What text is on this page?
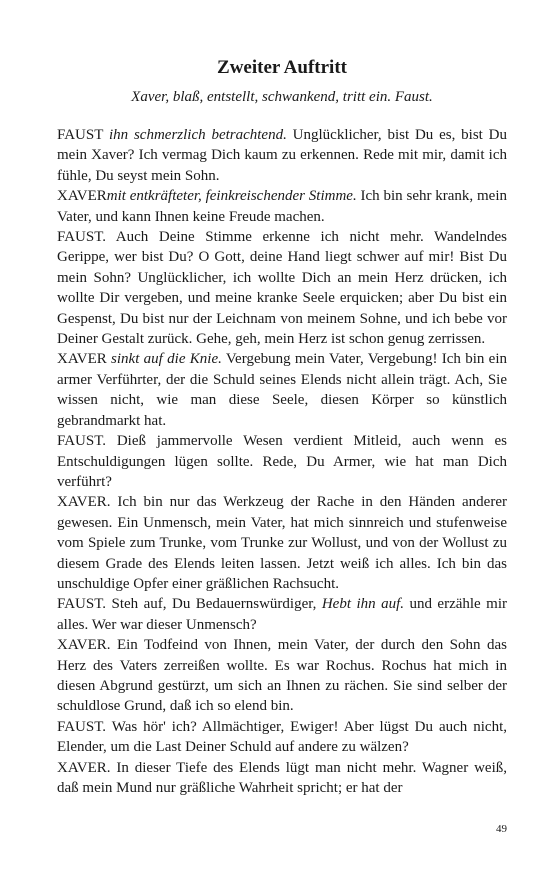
Zweiter Auftritt

Xaver, blaß, entstellt, schwankend, tritt ein. Faust.

FAUST ihn schmerzlich betrachtend. Unglücklicher, bist Du es, bist Du mein Xaver? Ich vermag Dich kaum zu erkennen. Rede mit mir, damit ich fühle, Du seyst mein Sohn.

XAVERmit entkräfteter, feinkreischender Stimme. Ich bin sehr krank, mein Vater, und kann Ihnen keine Freude machen.

FAUST. Auch Deine Stimme erkenne ich nicht mehr. Wandelndes Gerippe, wer bist Du? O Gott, deine Hand liegt schwer auf mir! Bist Du mein Sohn? Unglücklicher, ich wollte Dich an mein Herz drücken, ich wollte Dir vergeben, und meine kranke Seele erquicken; aber Du bist ein Gespenst, Du bist nur der Leichnam von meinem Sohne, und ich bebe vor Deiner Gestalt zurück. Gehe, geh, mein Herz ist schon genug zerrissen.

XAVER sinkt auf die Knie. Vergebung mein Vater, Vergebung! Ich bin ein armer Verführter, der die Schuld seines Elends nicht allein trägt. Ach, Sie wissen nicht, wie man diese Seele, diesen Körper so künstlich gebrandmarkt hat.

FAUST. Dieß jammervolle Wesen verdient Mitleid, auch wenn es Entschuldigungen lügen sollte. Rede, Du Armer, wie hat man Dich verführt?

XAVER. Ich bin nur das Werkzeug der Rache in den Händen anderer gewesen. Ein Unmensch, mein Vater, hat mich sinnreich und stufenweise vom Spiele zum Trunke, vom Trunke zur Wollust, und von der Wollust zu diesem Grade des Elends leiten lassen. Jetzt weiß ich alles. Ich bin das unschuldige Opfer einer gräßlichen Rachsucht.

FAUST. Steh auf, Du Bedauernswürdiger, Hebt ihn auf. und erzähle mir alles. Wer war dieser Unmensch?

XAVER. Ein Todfeind von Ihnen, mein Vater, der durch den Sohn das Herz des Vaters zerreißen wollte. Es war Rochus. Rochus hat mich in diesen Abgrund gestürzt, um sich an Ihnen zu rächen. Sie sind selber der schuldlose Grund, daß ich so elend bin.

FAUST. Was hör' ich? Allmächtiger, Ewiger! Aber lügst Du auch nicht, Elender, um die Last Deiner Schuld auf andere zu wälzen?

XAVER. In dieser Tiefe des Elends lügt man nicht mehr. Wagner weiß, daß mein Mund nur gräßliche Wahrheit spricht; er hat der

49
